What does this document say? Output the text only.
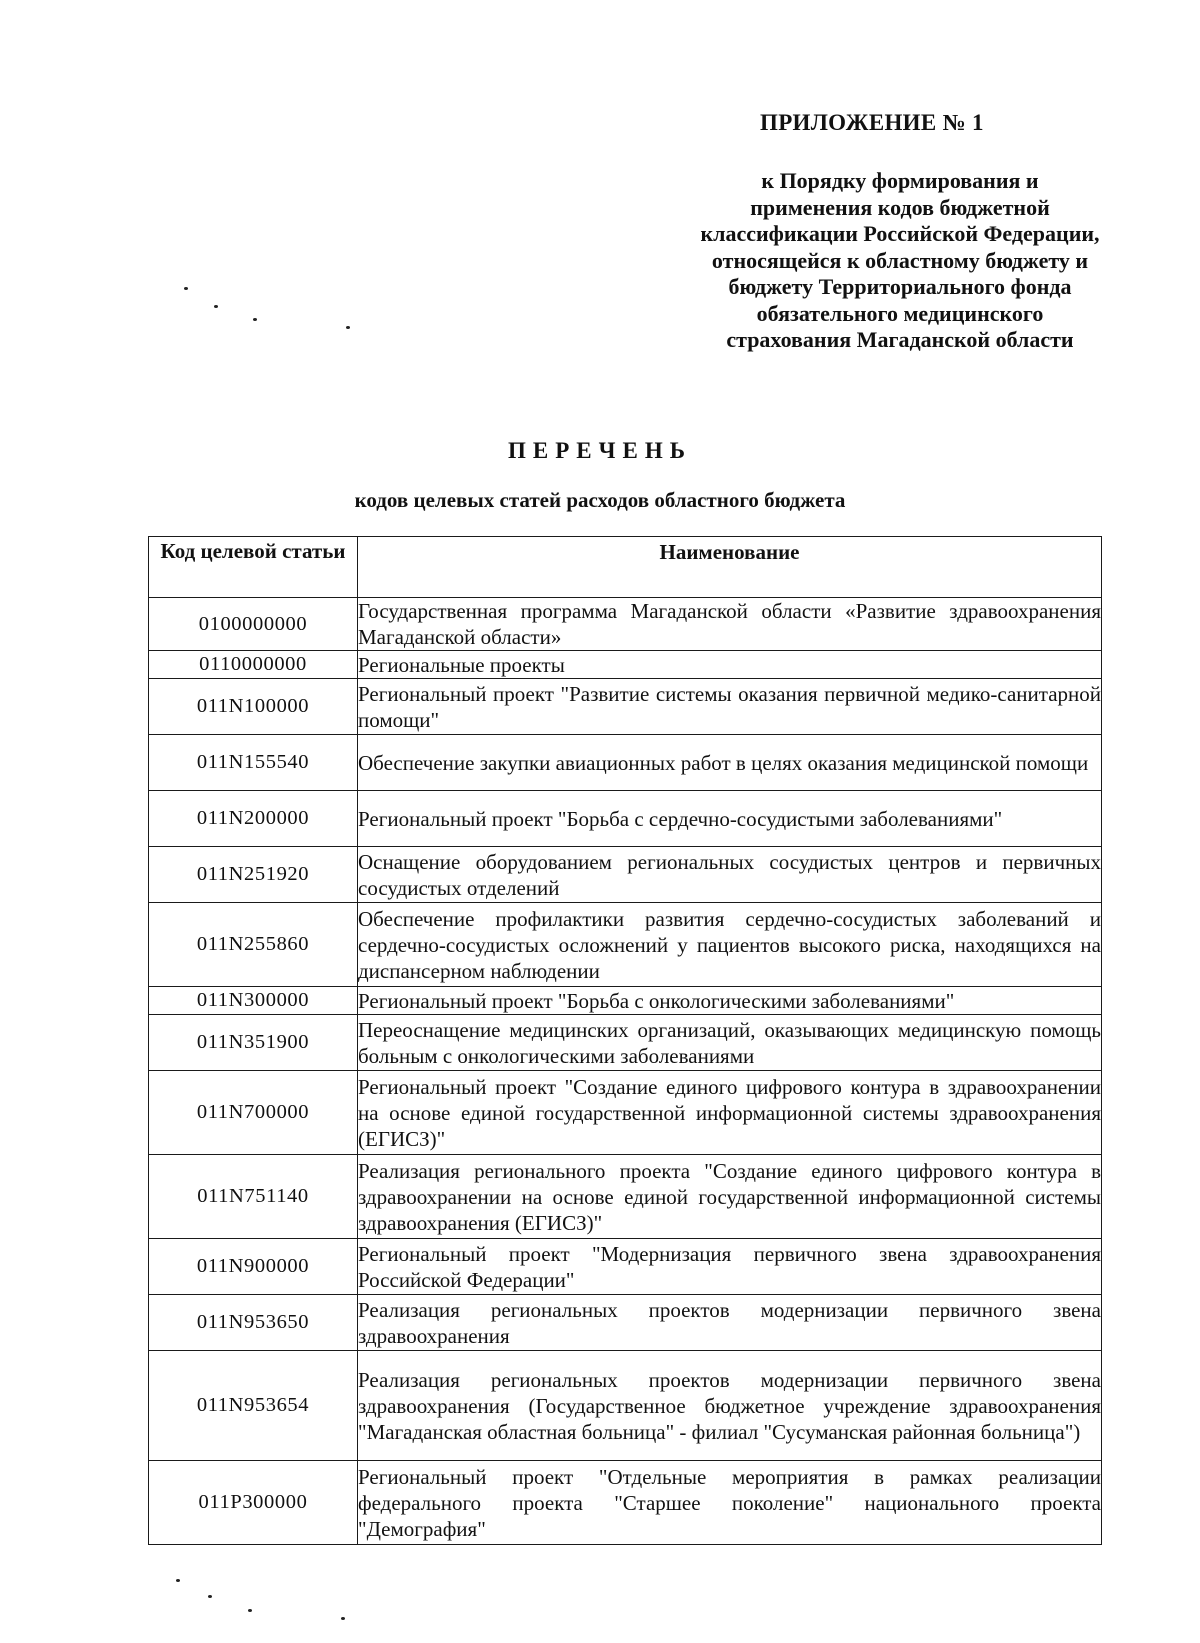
ПРИЛОЖЕНИЕ № 1
к Порядку формирования и применения кодов бюджетной классификации Российской Федерации, относящейся к областному бюджету и бюджету Территориального фонда обязательного медицинского страхования Магаданской области
ПЕРЕЧЕНЬ
кодов целевых статей расходов областного бюджета
Код целевой статьи	Наименование
0100000000	Государственная программа Магаданской области «Развитие здравоохранения Магаданской области»
0110000000	Региональные проекты
011N100000	Региональный проект "Развитие системы оказания первичной медико-санитарной помощи"
011N155540	Обеспечение закупки авиационных работ в целях оказания медицинской помощи
011N200000	Региональный проект "Борьба с сердечно-сосудистыми заболеваниями"
011N251920	Оснащение оборудованием региональных сосудистых центров и первичных сосудистых отделений
011N255860	Обеспечение профилактики развития сердечно-сосудистых заболеваний и сердечно-сосудистых осложнений у пациентов высокого риска, находящихся на диспансерном наблюдении
011N300000	Региональный проект "Борьба с онкологическими заболеваниями"
011N351900	Переоснащение медицинских организаций, оказывающих медицинскую помощь больным с онкологическими заболеваниями
011N700000	Региональный проект "Создание единого цифрового контура в здравоохранении на основе единой государственной информационной системы здравоохранения (ЕГИСЗ)"
011N751140	Реализация регионального проекта "Создание единого цифрового контура в здравоохранении на основе единой государственной информационной системы здравоохранения (ЕГИСЗ)"
011N900000	Региональный проект "Модернизация первичного звена здравоохранения Российской Федерации"
011N953650	Реализация региональных проектов модернизации первичного звена здравоохранения
011N953654	Реализация региональных проектов модернизации первичного звена здравоохранения (Государственное бюджетное учреждение здравоохранения "Магаданская областная больница" - филиал "Сусуманская районная больница")
011P300000	Региональный проект "Отдельные мероприятия в рамках реализации федерального проекта "Старшее поколение" национального проекта "Демография"
